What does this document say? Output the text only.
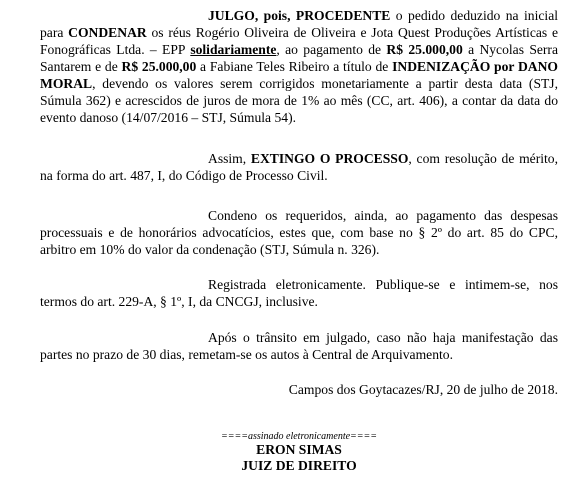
JULGO, pois, PROCEDENTE o pedido deduzido na inicial para CONDENAR os réus Rogério Oliveira de Oliveira e Jota Quest Produções Artísticas e Fonográficas Ltda. – EPP solidariamente, ao pagamento de R$ 25.000,00 a Nycolas Serra Santarem e de R$ 25.000,00 a Fabiane Teles Ribeiro a título de INDENIZAÇÃO por DANO MORAL, devendo os valores serem corrigidos monetariamente a partir desta data (STJ, Súmula 362) e acrescidos de juros de mora de 1% ao mês (CC, art. 406), a contar da data do evento danoso (14/07/2016 – STJ, Súmula 54).

Assim, EXTINGO O PROCESSO, com resolução de mérito, na forma do art. 487, I, do Código de Processo Civil.

Condeno os requeridos, ainda, ao pagamento das despesas processuais e de honorários advocatícios, estes que, com base no § 2º do art. 85 do CPC, arbitro em 10% do valor da condenação (STJ, Súmula n. 326).

Registrada eletronicamente. Publique-se e intimem-se, nos termos do art. 229-A, § 1º, I, da CNCGJ, inclusive.

Após o trânsito em julgado, caso não haja manifestação das partes no prazo de 30 dias, remetam-se os autos à Central de Arquivamento.

Campos dos Goytacazes/RJ, 20 de julho de 2018.

====assinado eletronicamente====
ERON SIMAS
JUIZ DE DIREITO
